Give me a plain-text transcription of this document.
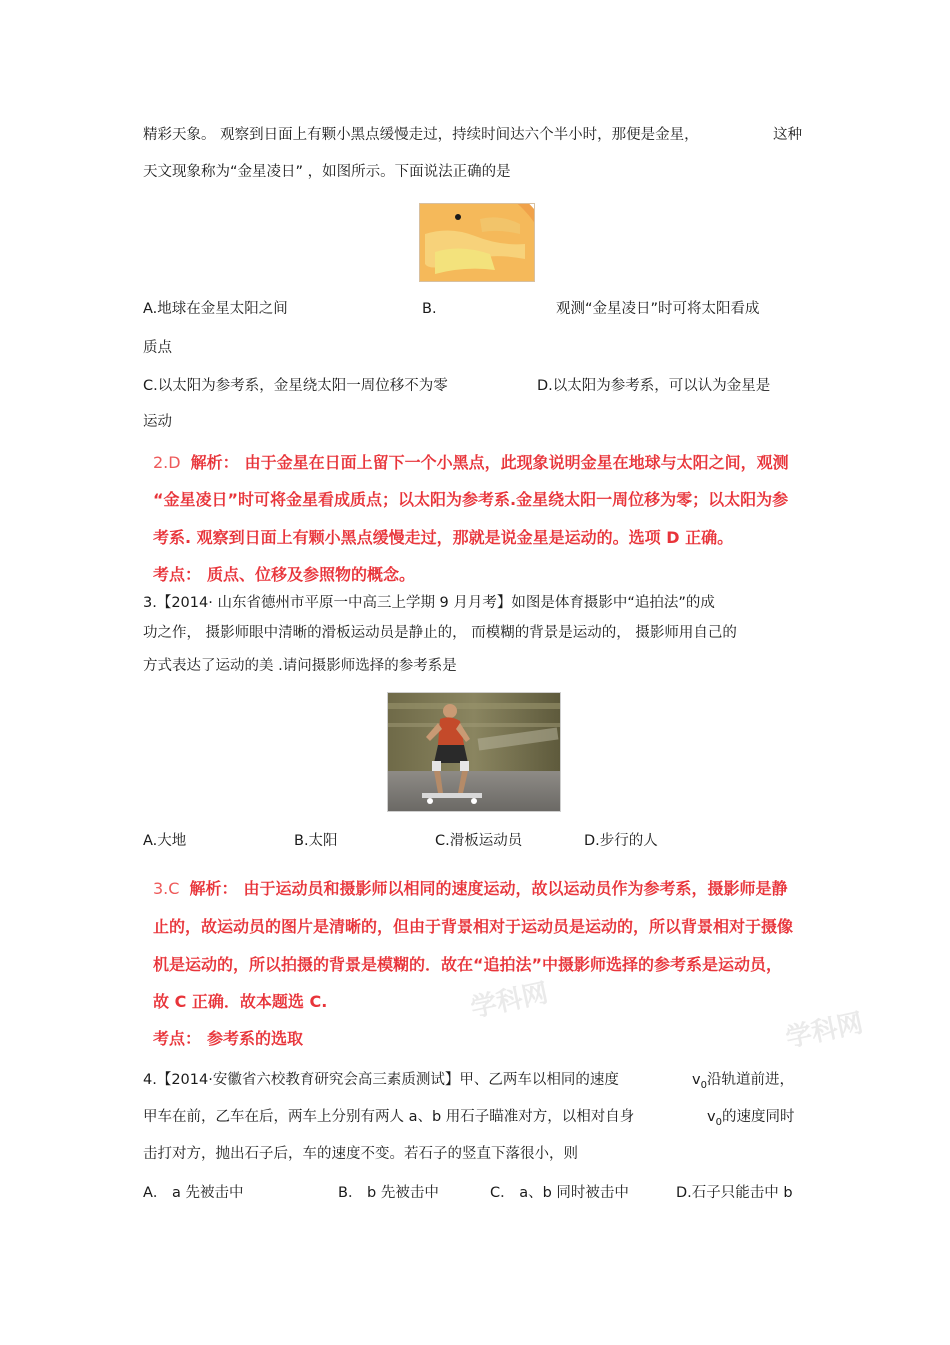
精彩天象。 观察到日面上有颗小黑点缓慢走过，持续时间达六个半小时，那便是金星，	这种
天文现象称为“金星凌日” ，如图所示。下面说法正确的是
A.地球在金星太阳之间	B.	观测“金星凌日”时可将太阳看成
质点
C.以太阳为参考系，金星绕太阳一周位移不为零	D.以太阳为参考系，可以认为金星是
运动
2.D 解析： 由于金星在日面上留下一个小黑点，此现象说明金星在地球与太阳之间，观测
“金星凌日”时可将金星看成质点；以太阳为参考系.金星绕太阳一周位移为零；以太阳为参
考系. 观察到日面上有颗小黑点缓慢走过，那就是说金星是运动的。选项 D 正确。
考点： 质点、位移及参照物的概念。
3.【2014· 山东省德州市平原一中高三上学期 9 月月考】如图是体育摄影中“追拍法”的成
功之作， 摄影师眼中清晰的滑板运动员是静止的， 而模糊的背景是运动的， 摄影师用自己的
方式表达了运动的美 .请问摄影师选择的参考系是
A.大地	B.太阳	C.滑板运动员	D.步行的人
学科网
学科网
3.C 解析： 由于运动员和摄影师以相同的速度运动，故以运动员作为参考系，摄影师是静
止的，故运动员的图片是清晰的，但由于背景相对于运动员是运动的，所以背景相对于摄像
机是运动的，所以拍摄的背景是模糊的．故在“追拍法”中摄影师选择的参考系是运动员，
故 C 正确．故本题选 C.
考点： 参考系的选取
4.【2014·安徽省六校教育研究会高三素质测试】甲、乙两车以相同的速度	$v_0$沿轨道前进，
甲车在前，乙车在后，两车上分别有两人 a、b 用石子瞄准对方，以相对自身	$v_0$的速度同时
击打对方，抛出石子后，车的速度不变。若石子的竖直下落很小，则
A． a 先被击中	B． b 先被击中	C． a、b 同时被击中	D.石子只能击中 b
